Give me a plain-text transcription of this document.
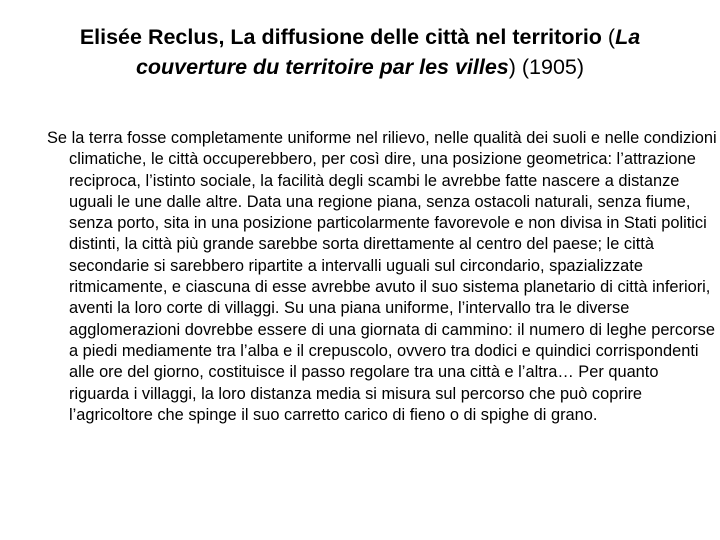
Elisée Reclus, La diffusione delle città nel territorio (La couverture du territoire par les villes) (1905)

Se la terra fosse completamente uniforme nel rilievo, nelle qualità dei suoli e nelle condizioni climatiche, le città occuperebbero, per così dire, una posizione geometrica: l’attrazione reciproca, l’istinto sociale, la facilità degli scambi le avrebbe fatte nascere a distanze uguali le une dalle altre. Data una regione piana, senza ostacoli naturali, senza fiume, senza porto, sita in una posizione particolarmente favorevole e non divisa in Stati politici distinti, la città più grande sarebbe sorta direttamente al centro del paese; le città secondarie si sarebbero ripartite a intervalli uguali sul circondario, spazializzate ritmicamente, e ciascuna di esse avrebbe avuto il suo sistema planetario di città inferiori, aventi la loro corte di villaggi. Su una piana uniforme, l’intervallo tra le diverse agglomerazioni dovrebbe essere di una giornata di cammino: il numero di leghe percorse a piedi mediamente tra l’alba e il crepuscolo, ovvero tra dodici e quindici corrispondenti alle ore del giorno, costituisce il passo regolare tra una città e l’altra… Per quanto riguarda i villaggi, la loro distanza media si misura sul percorso che può coprire l’agricoltore che spinge il suo carretto carico di fieno o di spighe di grano.
